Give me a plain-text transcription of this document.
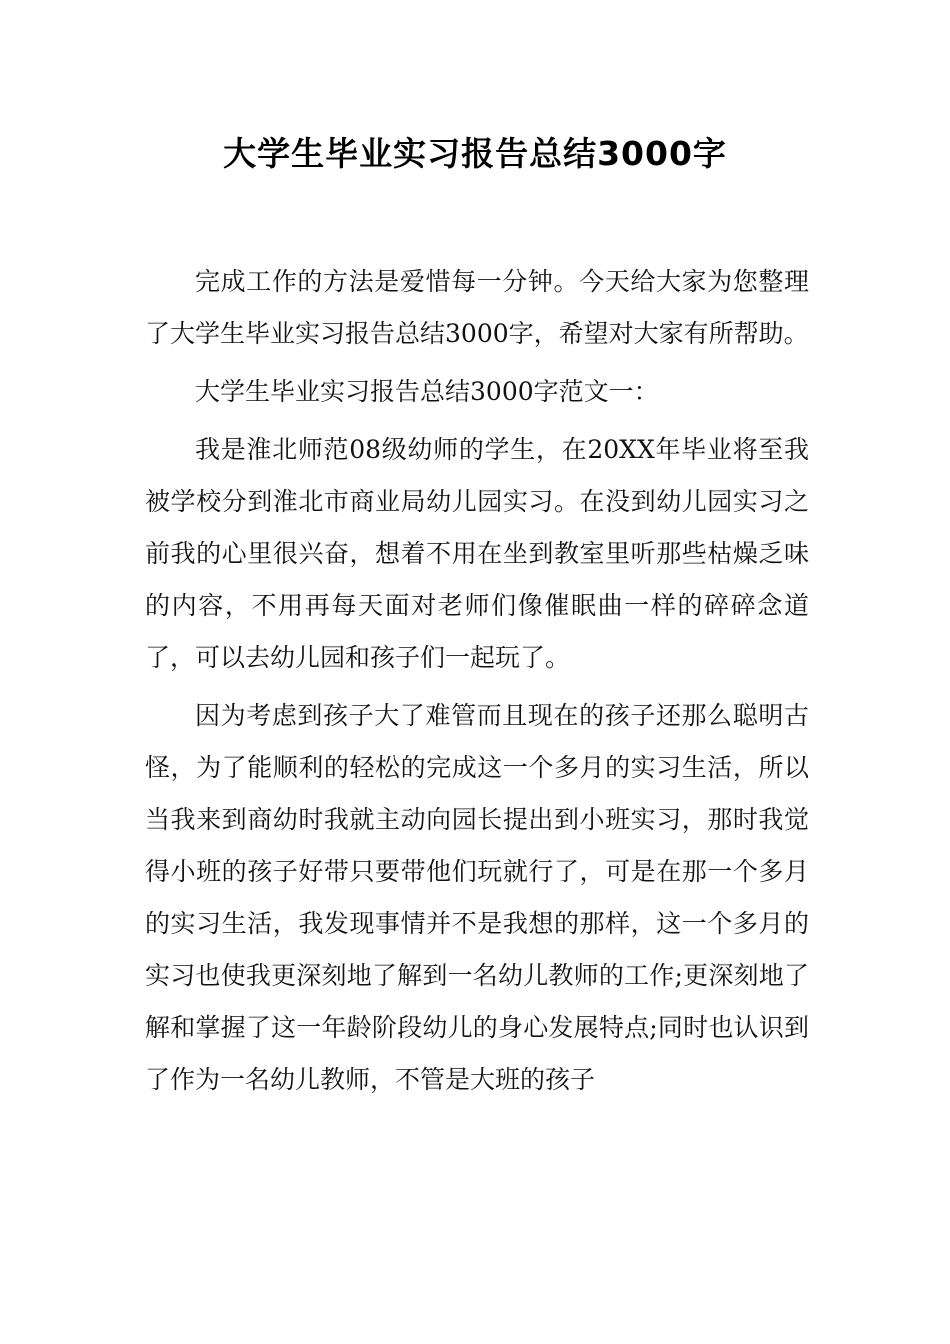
大学生毕业实习报告总结3000字

完成工作的方法是爱惜每一分钟。今天给大家为您整理了大学生毕业实习报告总结3000字，希望对大家有所帮助。

大学生毕业实习报告总结3000字范文一：

我是淮北师范08级幼师的学生，在20XX年毕业将至我被学校分到淮北市商业局幼儿园实习。在没到幼儿园实习之前我的心里很兴奋，想着不用在坐到教室里听那些枯燥乏味的内容，不用再每天面对老师们像催眠曲一样的碎碎念道了，可以去幼儿园和孩子们一起玩了。

因为考虑到孩子大了难管而且现在的孩子还那么聪明古怪，为了能顺利的轻松的完成这一个多月的实习生活，所以当我来到商幼时我就主动向园长提出到小班实习，那时我觉得小班的孩子好带只要带他们玩就行了，可是在那一个多月的实习生活，我发现事情并不是我想的那样，这一个多月的实习也使我更深刻地了解到一名幼儿教师的工作;更深刻地了解和掌握了这一年龄阶段幼儿的身心发展特点;同时也认识到了作为一名幼儿教师，不管是大班的孩子
